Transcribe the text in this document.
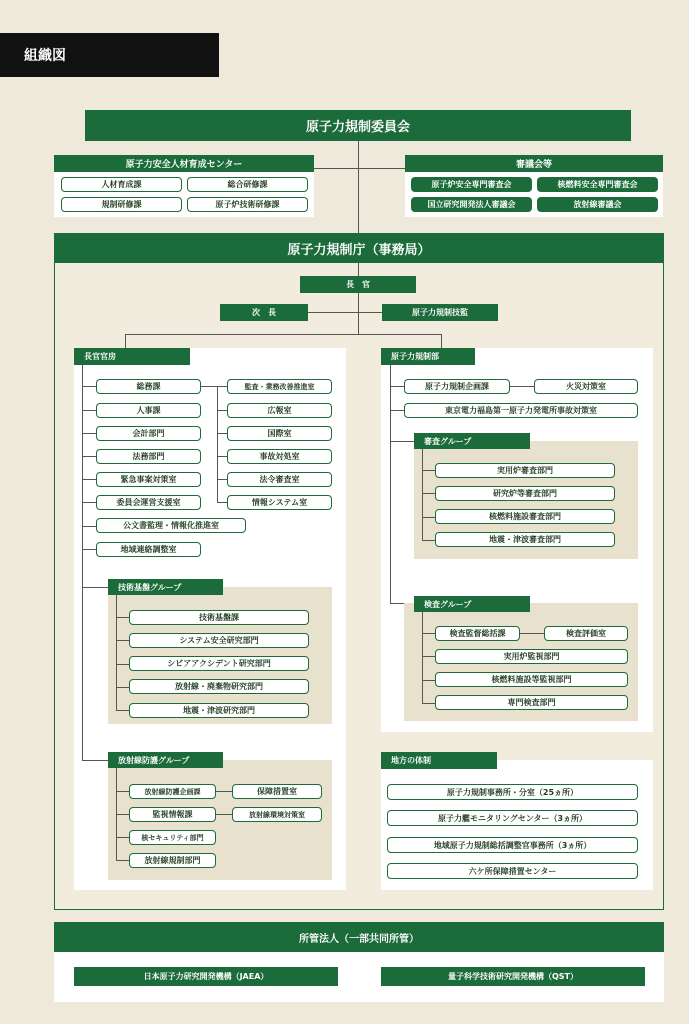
組織図
原子力規制委員会
原子力安全人材育成センター
人材育成課	総合研修課
規制研修課	原子炉技術研修課
審議会等
原子炉安全専門審査会	核燃料安全専門審査会
国立研究開発法人審議会	放射線審議会
原子力規制庁（事務局）
長　官
次　長	原子力規制技監
長官官房
総務課
人事課
会計部門
法務部門
緊急事案対策室
委員会運営支援室
監査・業務改善推進室
広報室
国際室
事故対処室
法令審査室
情報システム室
公文書監理・情報化推進室
地域連絡調整室
技術基盤グループ
技術基盤課
システム安全研究部門
シビアアクシデント研究部門
放射線・廃棄物研究部門
地震・津波研究部門
放射線防護グループ
放射線防護企画課
監視情報課
核セキュリティ部門
放射線規制部門
保障措置室
放射線環境対策室
原子力規制部
原子力規制企画課	火災対策室
東京電力福島第一原子力発電所事故対策室
審査グループ
実用炉審査部門
研究炉等審査部門
核燃料施設審査部門
地震・津波審査部門
検査グループ
検査監督総括課	検査評価室
実用炉監視部門
核燃料施設等監視部門
専門検査部門
地方の体制
原子力規制事務所・分室（25ヵ所）
原子力艦モニタリングセンター（3ヵ所）
地域原子力規制総括調整官事務所（3ヵ所）
六ケ所保障措置センター
所管法人（一部共同所管）
日本原子力研究開発機構（JAEA）	量子科学技術研究開発機構（QST）
